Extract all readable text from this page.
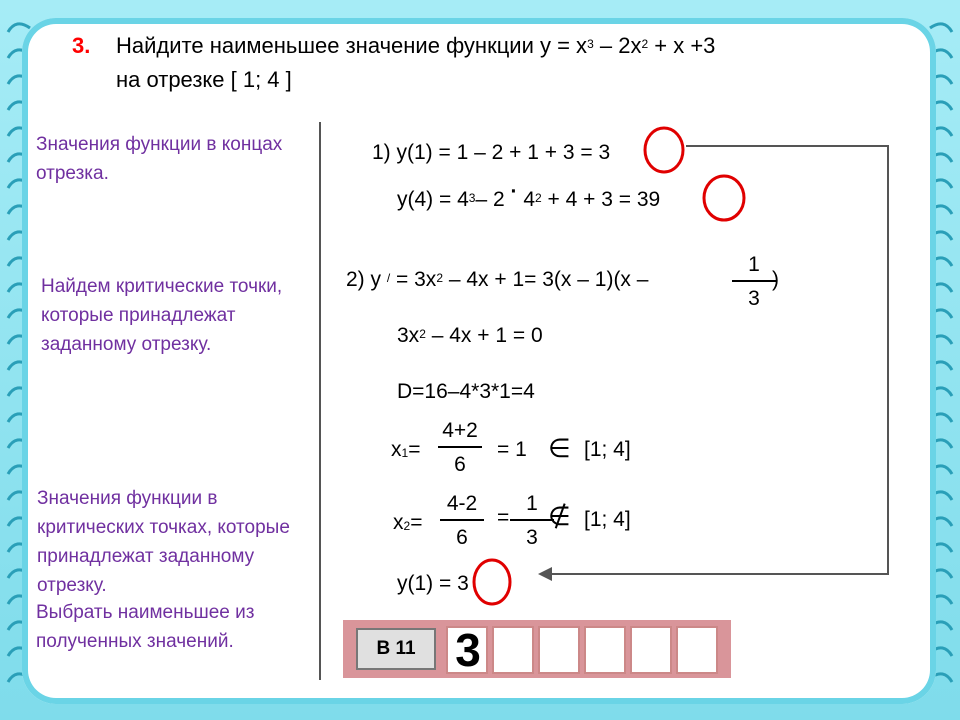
3. Найдите наименьшее значение функции $у = х^3 - 2х^2 + х +3$
на отрезке [ 1; 4 ]
Значения функции в концах отрезка.
Найдем критические точки, которые принадлежат заданному отрезку.
Значения функции в критических точках, которые принадлежат заданному отрезку.
Выбрать наименьшее из полученных значений.
1) у(1) = 1 – 2 + 1 + 3 = 3
$у(4) = 4^3-$ $2 \cdot 4^2 + 4 + 3 = 39$
2) у $^/ = 3х^2 - 4х + 1= 3(х - 1)(х$ –
1
3
)
$3х^2 - 4х + 1 = 0$
D=16–4*3*1=4
$х_1=$
4+2
6
= 1 ∈ [1; 4]
$х_2=$
4-2
6
=
1
3
∉ [1; 4]
у(1) = 3
В 11 3
